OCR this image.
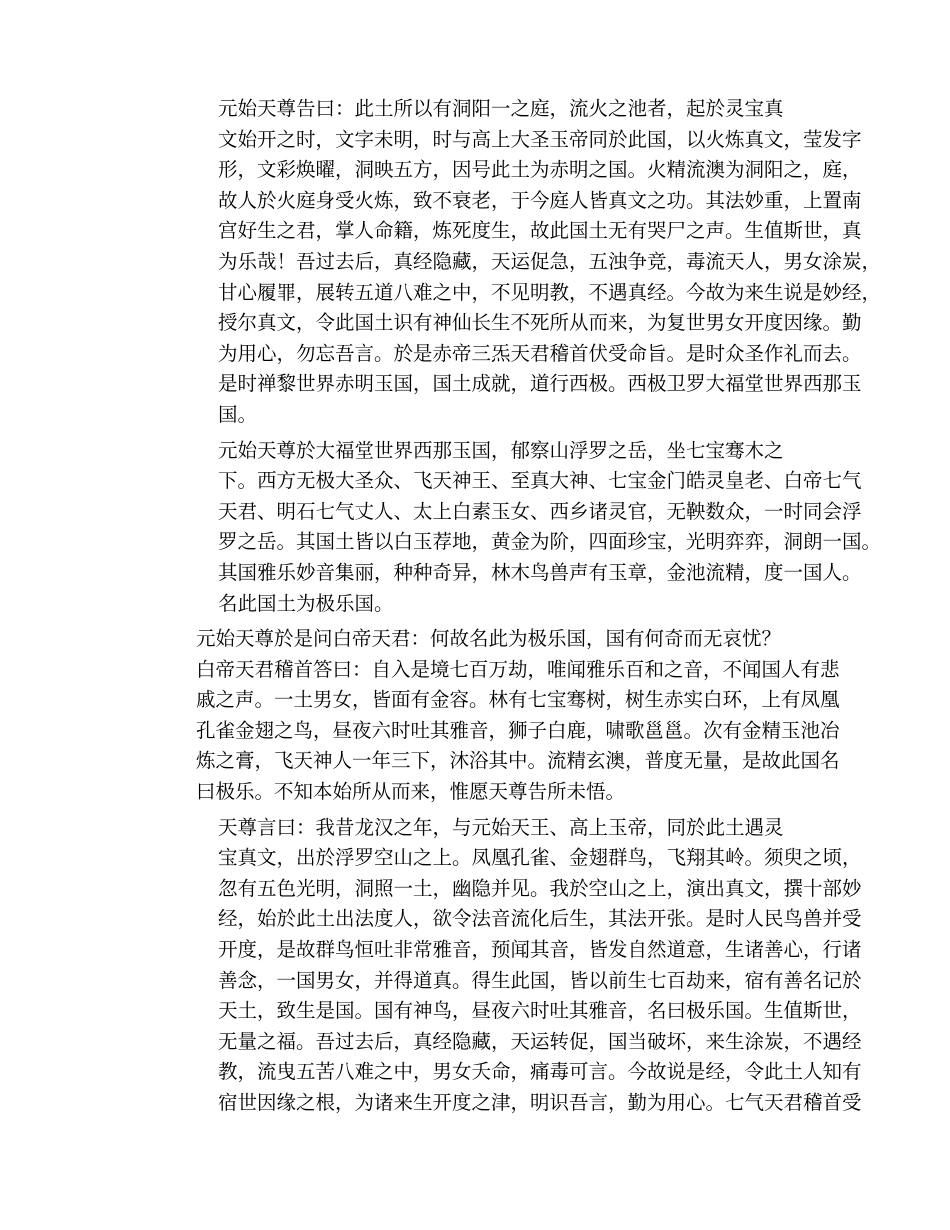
元始天尊告曰：此土所以有洞阳一之庭，流火之池者，起於灵宝真
文始开之时，文字未明，时与高上大圣玉帝同於此国，以火炼真文，莹发字
形，文彩焕曜，洞映五方，因号此土为赤明之国。火精流澳为洞阳之，庭，
故人於火庭身受火炼，致不衰老，于今庭人皆真文之功。其法妙重，上置南
宫好生之君，掌人命籍，炼死度生，故此国土无有哭尸之声。生值斯世，真
为乐哉！吾过去后，真经隐藏，天运促急，五浊争竞，毒流天人，男女涂炭，
甘心履罪，展转五道八难之中，不见明教，不遇真经。今故为来生说是妙经，
授尔真文，令此国土识有神仙长生不死所从而来，为复世男女开度因缘。勤
为用心，勿忘吾言。於是赤帝三炁天君稽首伏受命旨。是时众圣作礼而去。
是时禅黎世界赤明玉国，国土成就，道行西极。西极卫罗大福堂世界西那玉
国。

元始天尊於大福堂世界西那玉国，郁察山浮罗之岳，坐七宝骞木之
下。西方无极大圣众、飞天神王、至真大神、七宝金门皓灵皇老、白帝七气
天君、明石七气丈人、太上白素玉女、西乡诸灵官，无鞅数众，一时同会浮
罗之岳。其国土皆以白玉荐地，黄金为阶，四面珍宝，光明弈弈，洞朗一国。
其国雅乐妙音集丽，种种奇异，林木鸟兽声有玉章，金池流精，度一国人。
名此国土为极乐国。

元始天尊於是问白帝天君：何故名此为极乐国，国有何奇而无哀忧？
白帝天君稽首答曰：自入是境七百万劫，唯闻雅乐百和之音，不闻国人有悲
戚之声。一土男女，皆面有金容。林有七宝骞树，树生赤实白环，上有凤凰
孔雀金翅之鸟，昼夜六时吐其雅音，狮子白鹿，啸歌邕邕。次有金精玉池冶
炼之膏，飞天神人一年三下，沐浴其中。流精玄澳，普度无量，是故此国名
曰极乐。不知本始所从而来，惟愿天尊告所未悟。

天尊言曰：我昔龙汉之年，与元始天王、高上玉帝，同於此土遇灵
宝真文，出於浮罗空山之上。凤凰孔雀、金翅群鸟，飞翔其岭。须臾之顷，
忽有五色光明，洞照一土，幽隐并见。我於空山之上，演出真文，撰十部妙
经，始於此土出法度人，欲令法音流化后生，其法开张。是时人民鸟兽并受
开度，是故群鸟恒吐非常雅音，预闻其音，皆发自然道意，生诸善心，行诸
善念，一国男女，并得道真。得生此国，皆以前生七百劫来，宿有善名记於
天土，致生是国。国有神鸟，昼夜六时吐其雅音，名曰极乐国。生值斯世，
无量之福。吾过去后，真经隐藏，天运转促，国当破坏，来生涂炭，不遇经
教，流曳五苦八难之中，男女夭命，痛毒可言。今故说是经，令此土人知有
宿世因缘之根，为诸来生开度之津，明识吾言，勤为用心。七气天君稽首受
